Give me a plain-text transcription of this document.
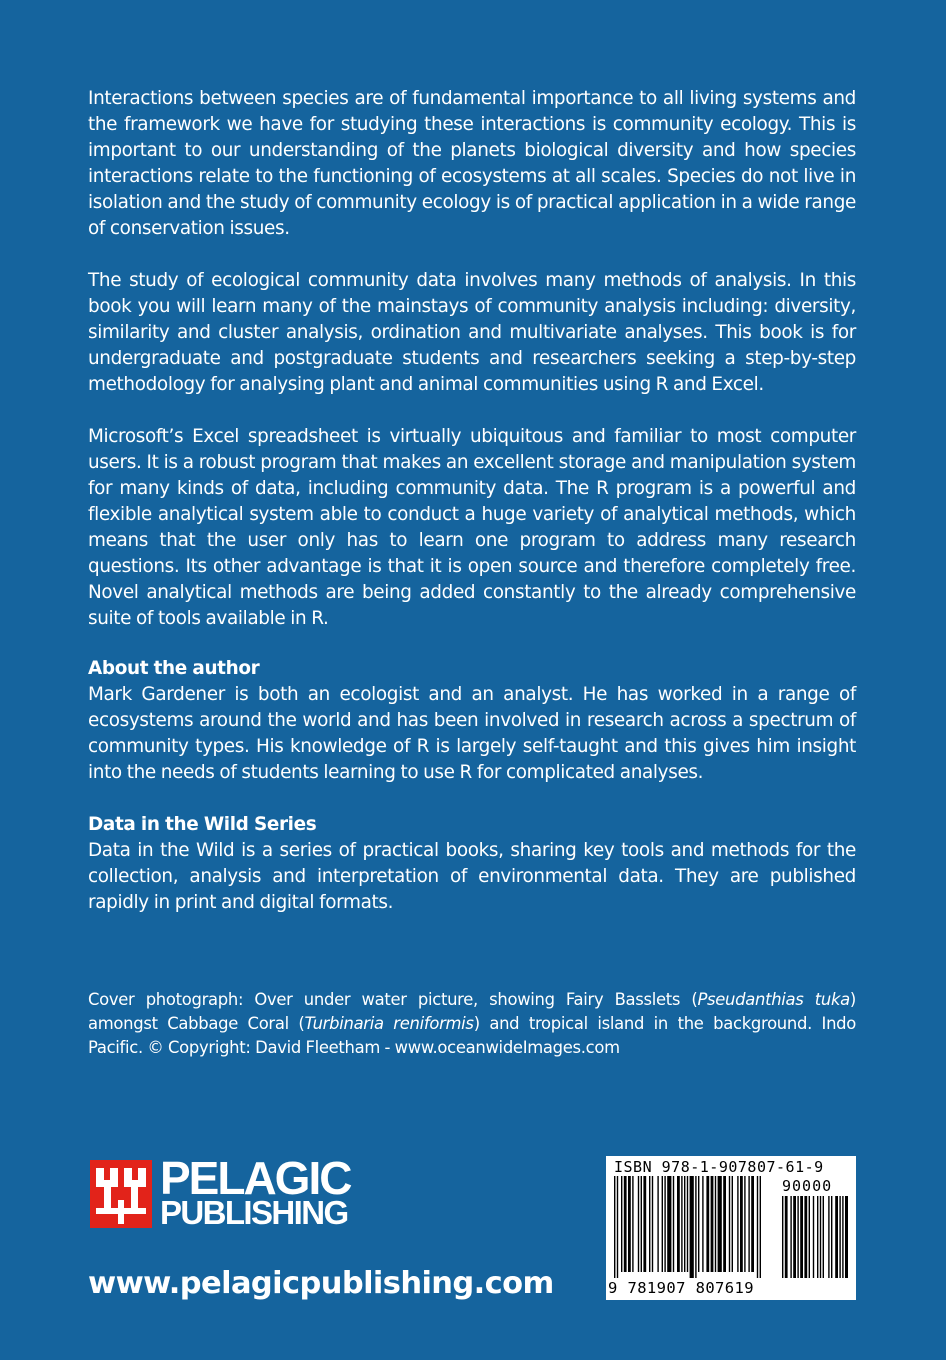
Interactions between species are of fundamental importance to all living systems and the framework we have for studying these interactions is community ecology. This is important to our understanding of the planets biological diversity and how species interactions relate to the functioning of ecosystems at all scales. Species do not live in isolation and the study of community ecology is of practical application in a wide range of conservation issues.

The study of ecological community data involves many methods of analysis. In this book you will learn many of the mainstays of community analysis including: diversity, similarity and cluster analysis, ordination and multivariate analyses. This book is for undergraduate and postgraduate students and researchers seeking a step-by-step methodology for analysing plant and animal communities using R and Excel.

Microsoft’s Excel spreadsheet is virtually ubiquitous and familiar to most computer users. It is a robust program that makes an excellent storage and manipulation system for many kinds of data, including community data. The R program is a powerful and flexible analytical system able to conduct a huge variety of analytical methods, which means that the user only has to learn one program to address many research questions. Its other advantage is that it is open source and therefore completely free. Novel analytical methods are being added constantly to the already comprehensive suite of tools available in R.

About the author

Mark Gardener is both an ecologist and an analyst. He has worked in a range of ecosystems around the world and has been involved in research across a spectrum of community types. His knowledge of R is largely self-taught and this gives him insight into the needs of students learning to use R for complicated analyses.

Data in the Wild Series

Data in the Wild is a series of practical books, sharing key tools and methods for the collection, analysis and interpretation of environmental data. They are published rapidly in print and digital formats.

Cover photograph: Over under water picture, showing Fairy Basslets (Pseudanthias tuka) amongst Cabbage Coral (Turbinaria reniformis) and tropical island in the background. Indo Pacific. © Copyright: David Fleetham - www.oceanwideImages.com

PELAGIC
PUBLISHING
www.pelagicpublishing.com
ISBN 978-1-907807-61-9
90000
9 781907 807619
